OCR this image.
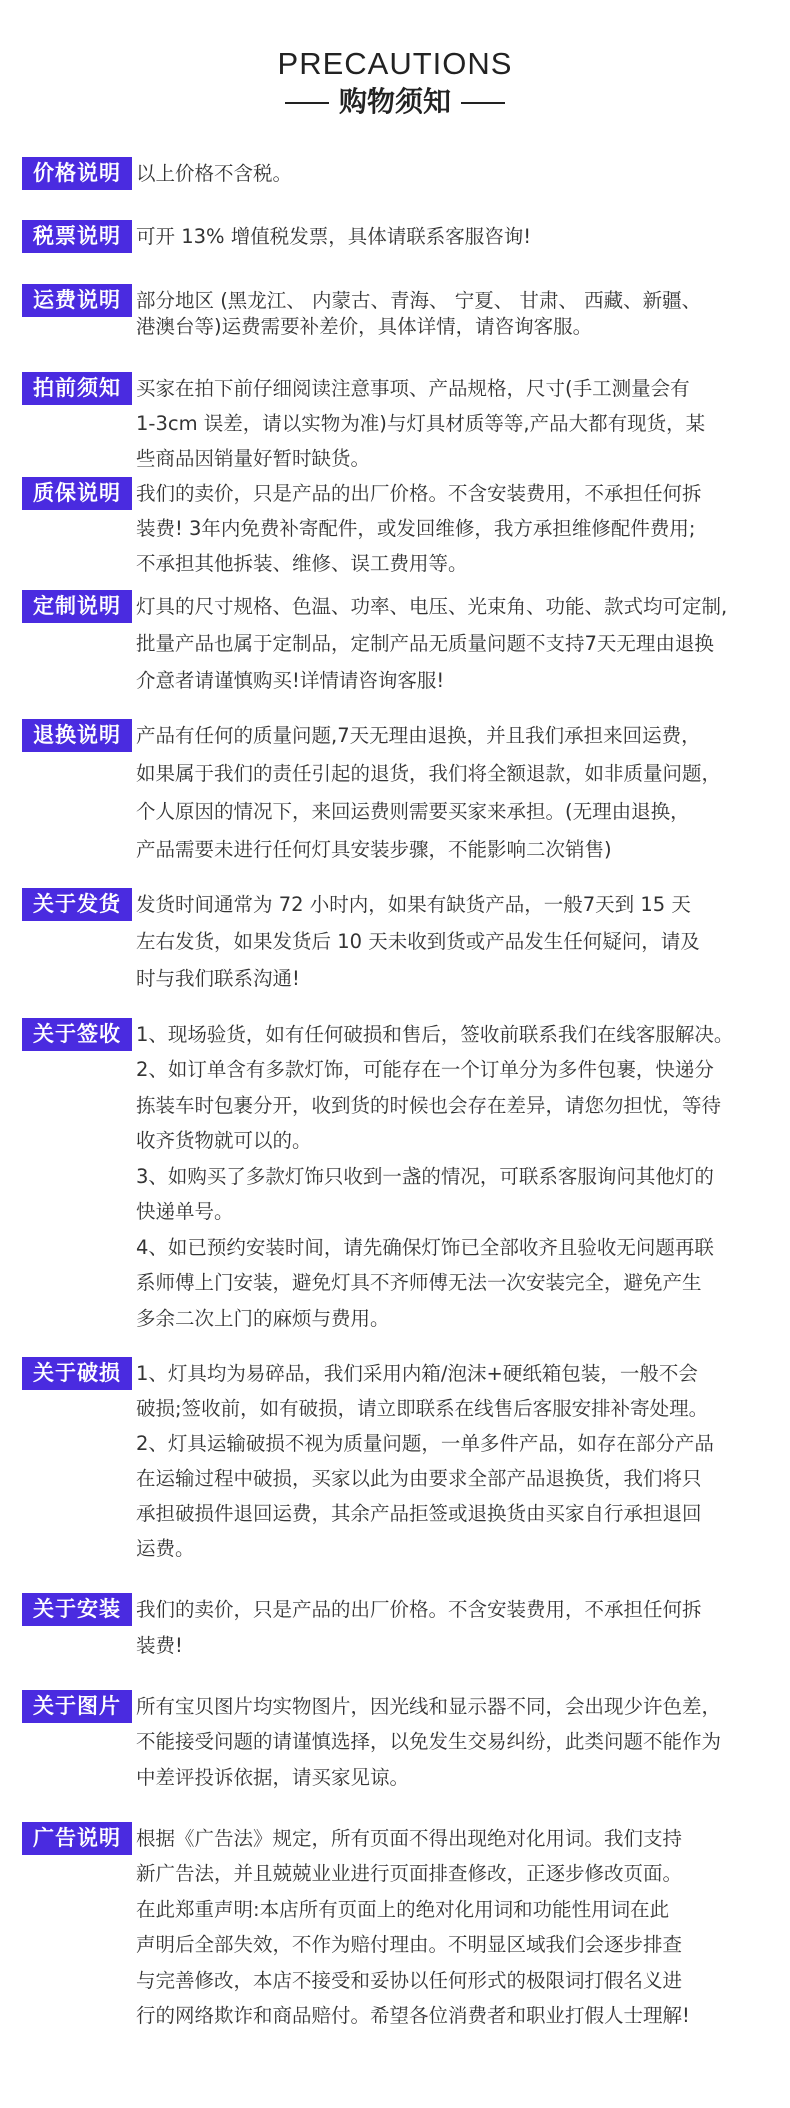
PRECAUTIONS
购物须知
价格说明 以上价格不含税。

税票说明 可开 13% 增值税发票，具体请联系客服咨询!

运费说明 部分地区 (黑龙江、 内蒙古、青海、 宁夏、 甘肃、 西藏、新疆、

港澳台等)运费需要补差价，具体详情，请咨询客服。

拍前须知 买家在拍下前仔细阅读注意事项、产品规格，尺寸(手工测量会有

1-3cm 误差，请以实物为准)与灯具材质等等,产品大都有现货，某

些商品因销量好暂时缺货。

质保说明 我们的卖价，只是产品的出厂价格。不含安装费用，不承担任何拆

装费! 3年内免费补寄配件，或发回维修，我方承担维修配件费用;

不承担其他拆装、维修、误工费用等。

定制说明 灯具的尺寸规格、色温、功率、电压、光束角、功能、款式均可定制,

批量产品也属于定制品，定制产品无质量问题不支持7天无理由退换

介意者请谨慎购买!详情请咨询客服!

退换说明 产品有任何的质量问题,7天无理由退换，并且我们承担来回运费，

如果属于我们的责任引起的退货，我们将全额退款，如非质量问题，

个人原因的情况下，来回运费则需要买家来承担。(无理由退换，

产品需要未进行任何灯具安装步骤，不能影响二次销售)

关于发货 发货时间通常为 72 小时内，如果有缺货产品，一般7天到 15 天

左右发货，如果发货后 10 天未收到货或产品发生任何疑问，请及

时与我们联系沟通!

关于签收 1、现场验货，如有任何破损和售后，签收前联系我们在线客服解决。

2、如订单含有多款灯饰，可能存在一个订单分为多件包裹，快递分

拣装车时包裹分开，收到货的时候也会存在差异，请您勿担忧，等待

收齐货物就可以的。

3、如购买了多款灯饰只收到一盏的情况，可联系客服询问其他灯的

快递单号。

4、如已预约安装时间，请先确保灯饰已全部收齐且验收无问题再联

系师傅上门安装，避免灯具不齐师傅无法一次安装完全，避免产生

多余二次上门的麻烦与费用。

关于破损 1、灯具均为易碎品，我们采用内箱/泡沫+硬纸箱包装，一般不会

破损;签收前，如有破损，请立即联系在线售后客服安排补寄处理。

2、灯具运输破损不视为质量问题，一单多件产品，如存在部分产品

在运输过程中破损，买家以此为由要求全部产品退换货，我们将只

承担破损件退回运费，其余产品拒签或退换货由买家自行承担退回

运费。

关于安装 我们的卖价，只是产品的出厂价格。不含安装费用，不承担任何拆

装费!

关于图片 所有宝贝图片均实物图片，因光线和显示器不同，会出现少许色差，

不能接受问题的请谨慎选择，以免发生交易纠纷，此类问题不能作为

中差评投诉依据，请买家见谅。

广告说明 根据《广告法》规定，所有页面不得出现绝对化用词。我们支持

新广告法，并且兢兢业业进行页面排查修改，正逐步修改页面。

在此郑重声明:本店所有页面上的绝对化用词和功能性用词在此

声明后全部失效，不作为赔付理由。不明显区域我们会逐步排查

与完善修改，本店不接受和妥协以任何形式的极限词打假名义进

行的网络欺诈和商品赔付。希望各位消费者和职业打假人士理解!
